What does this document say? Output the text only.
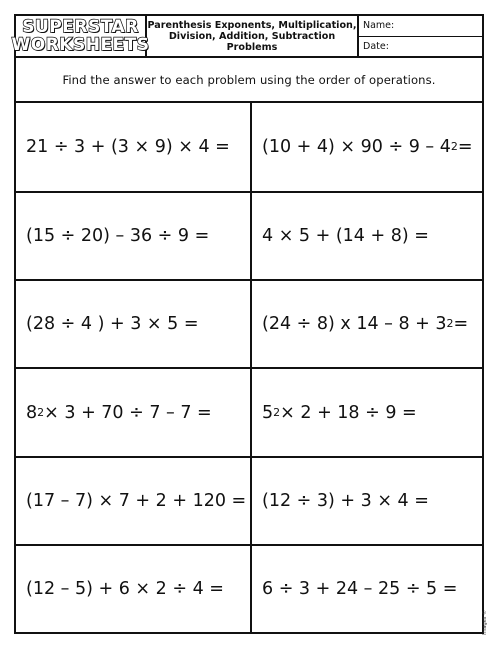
SUPERSTAR
WORKSHEETS
Parenthesis Exponents, Multiplication,
Division, Addition, Subtraction
Problems
Name:
Date:
Find the answer to each problem using the order of operations.
21 ÷ 3 + (3 × 9) × 4 = (10 + 4) × 90 ÷ 9 – 4 2 =
(15 ÷ 20) – 36 ÷ 9 =	4 × 5 + (14 + 8) =
(28 ÷ 4 ) + 3 × 5 =	(24 ÷ 8) x 14 – 8 + 3 2 =
8 2 × 3 + 70 ÷ 7 – 7 =	5 2 × 2 + 18 ÷ 9 =
(17 – 7) × 7 + 2 + 120 = (12 ÷ 3) + 3 × 4 =
(12 – 5) + 6 × 2 ÷ 4 = 6 ÷ 3 + 24 – 25 ÷ 5 =
Images ©
